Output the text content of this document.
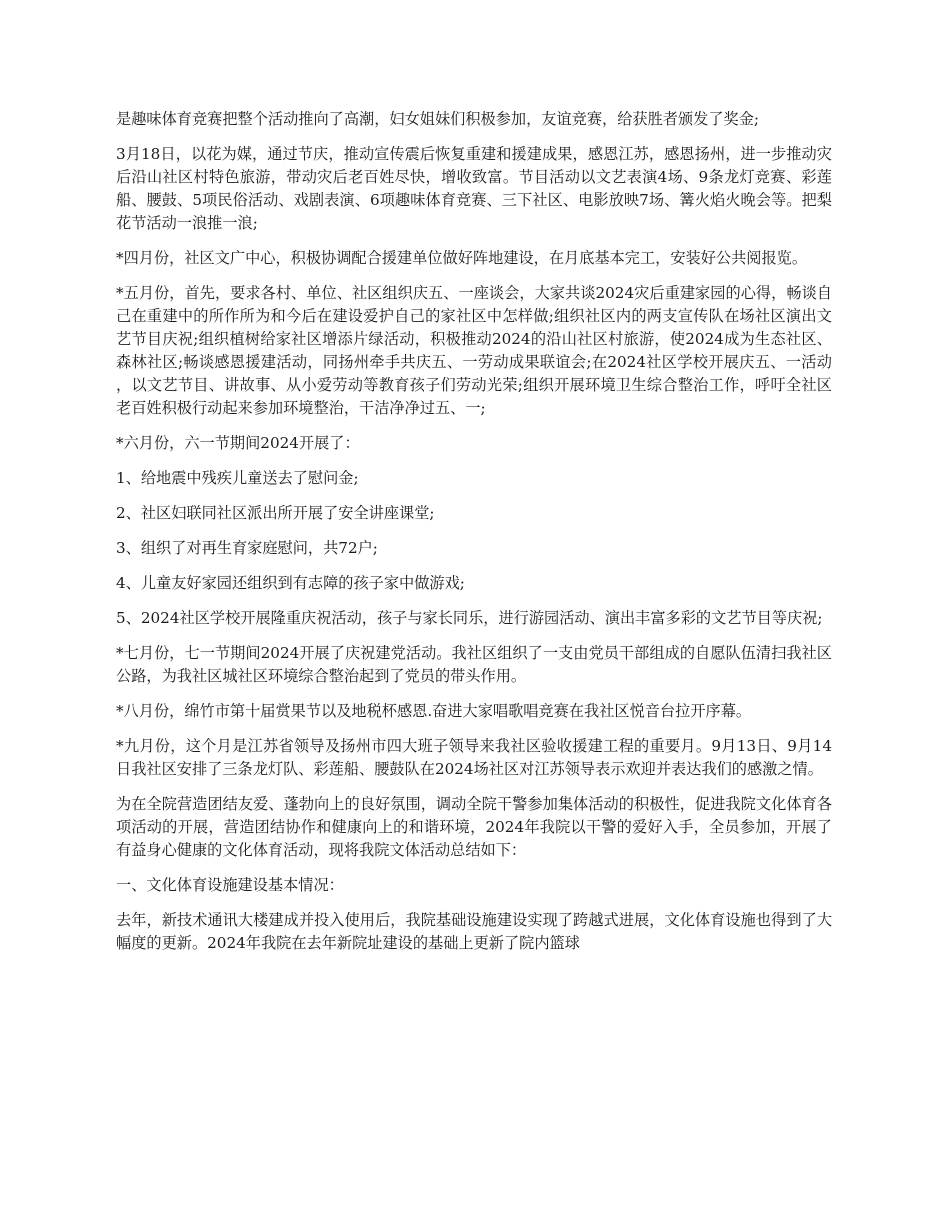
是趣味体育竞赛把整个活动推向了高潮，妇女姐妹们积极参加，友谊竞赛，给获胜者颁发了奖金;

3月18日，以花为媒，通过节庆，推动宣传震后恢复重建和援建成果，感恩江苏，感恩扬州，进一步推动灾后沿山社区村特色旅游，带动灾后老百姓尽快，增收致富。节目活动以文艺表演4场、9条龙灯竞赛、彩莲船、腰鼓、5项民俗活动、戏剧表演、6项趣味体育竞赛、三下社区、电影放映7场、篝火焰火晚会等。把梨花节活动一浪推一浪;

*四月份，社区文广中心，积极协调配合援建单位做好阵地建设，在月底基本完工，安装好公共阅报览。

*五月份，首先，要求各村、单位、社区组织庆五、一座谈会，大家共谈2024灾后重建家园的心得，畅谈自己在重建中的所作所为和今后在建设爱护自己的家社区中怎样做;组织社区内的两支宣传队在场社区演出文艺节目庆祝;组织植树给家社区增添片绿活动，积极推动2024的沿山社区村旅游，使2024成为生态社区、森林社区;畅谈感恩援建活动，同扬州牵手共庆五、一劳动成果联谊会;在2024社区学校开展庆五、一活动，以文艺节目、讲故事、从小爱劳动等教育孩子们劳动光荣;组织开展环境卫生综合整治工作，呼吁全社区老百姓积极行动起来参加环境整治，干洁净净过五、一;

*六月份，六一节期间2024开展了：

1、给地震中残疾儿童送去了慰问金;

2、社区妇联同社区派出所开展了安全讲座课堂;

3、组织了对再生育家庭慰问，共72户;

4、儿童友好家园还组织到有志障的孩子家中做游戏;

5、2024社区学校开展隆重庆祝活动，孩子与家长同乐，进行游园活动、演出丰富多彩的文艺节目等庆祝;

*七月份，七一节期间2024开展了庆祝建党活动。我社区组织了一支由党员干部组成的自愿队伍清扫我社区公路，为我社区城社区环境综合整治起到了党员的带头作用。

*八月份，绵竹市第十届赏果节以及地税杯感恩.奋进大家唱歌唱竞赛在我社区悦音台拉开序幕。

*九月份，这个月是江苏省领导及扬州市四大班子领导来我社区验收援建工程的重要月。9月13日、9月14日我社区安排了三条龙灯队、彩莲船、腰鼓队在2024场社区对江苏领导表示欢迎并表达我们的感激之情。

为在全院营造团结友爱、蓬勃向上的良好氛围，调动全院干警参加集体活动的积极性，促进我院文化体育各项活动的开展，营造团结协作和健康向上的和谐环境，2024年我院以干警的爱好入手，全员参加，开展了有益身心健康的文化体育活动，现将我院文体活动总结如下：

一、文化体育设施建设基本情况：

去年，新技术通讯大楼建成并投入使用后，我院基础设施建设实现了跨越式进展，文化体育设施也得到了大幅度的更新。2024年我院在去年新院址建设的基础上更新了院内篮球
